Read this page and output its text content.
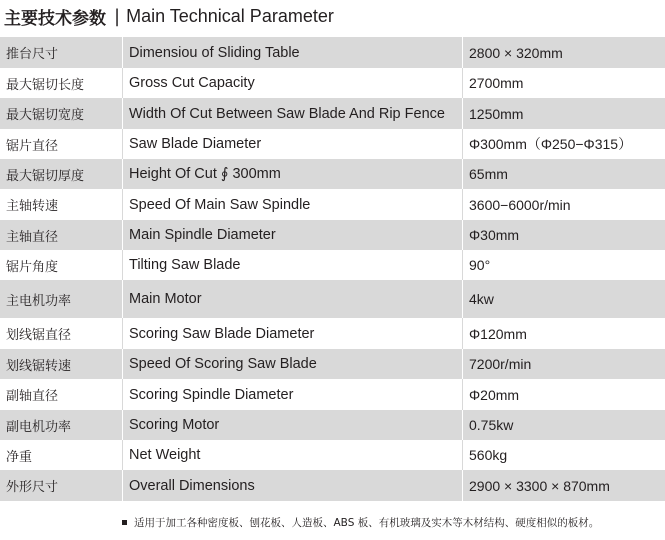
主要技术参数 | Main Technical Parameter
推台尺寸	Dimensiou of Sliding Table	2800 × 320mm
最大锯切长度	Gross Cut Capacity	2700mm
最大锯切宽度	Width Of Cut Between Saw Blade And Rip Fence	1250mm
锯片直径	Saw Blade Diameter	Φ300mm（Φ250−Φ315）
最大锯切厚度	Height Of Cut ∮ 300mm	65mm
主轴转速	Speed Of Main Saw Spindle	3600−6000r/min
主轴直径	Main Spindle Diameter	Φ30mm
锯片角度	Tilting Saw Blade	90°
主电机功率	Main Motor	4kw
划线锯直径	Scoring Saw Blade Diameter	Φ120mm
划线锯转速	Speed Of Scoring Saw Blade	7200r/min
副轴直径	Scoring Spindle Diameter	Φ20mm
副电机功率	Scoring Motor	0.75kw
净重	Net Weight	560kg
外形尺寸	Overall Dimensions	2900 × 3300 × 870mm
适用于加工各种密度板、刨花板、人造板、ABS 板、有机玻璃及实木等木材结构、硬度相似的板材。
